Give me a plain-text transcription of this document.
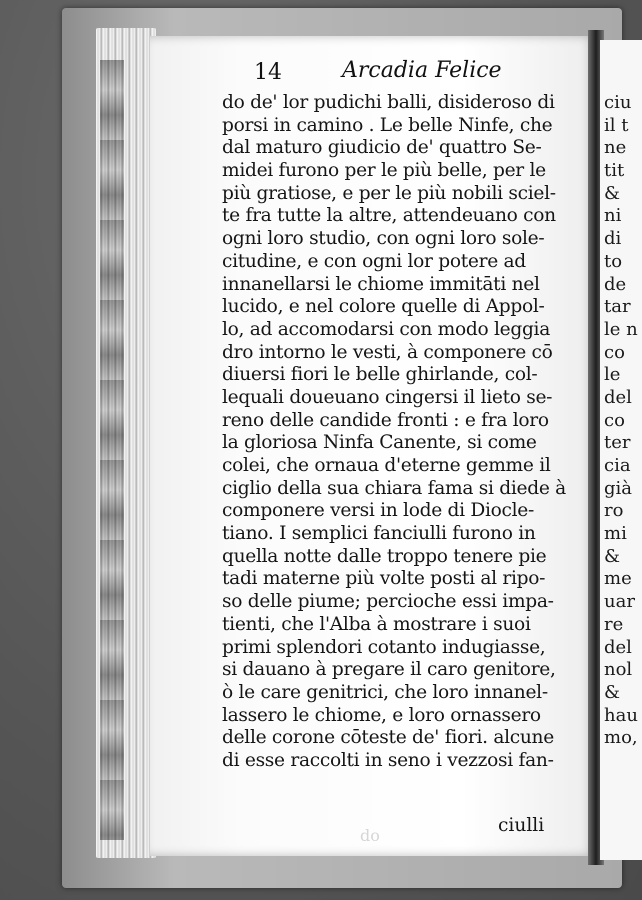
14	Arcadia Felice
do de' lor pudichi balli, disideroso di
porsi in camino . Le belle Ninfe, che
dal maturo giudicio de' quattro Se-
midei furono per le più belle, per le
più gratiose, e per le più nobili sciel-
te fra tutte la altre, attendeuano con
ogni loro studio, con ogni loro sole-
citudine, e con ogni lor potere ad
innanellarsi le chiome immitāti nel
lucido, e nel colore quelle di Appol-
lo, ad accomodarsi con modo leggia
dro intorno le vesti, à componere cō
diuersi fiori le belle ghirlande, col-
lequali doueuano cingersi il lieto se-
reno delle candide fronti : e fra loro
la gloriosa Ninfa Canente, si come
colei, che ornaua d'eterne gemme il
ciglio della sua chiara fama si diede à
componere versi in lode di Diocle-
tiano. I semplici fanciulli furono in
quella notte dalle troppo tenere pie
tadi materne più volte posti al ripo-
so delle piume; percioche essi impa-
tienti, che l'Alba à mostrare i suoi
primi splendori cotanto indugiasse,
si dauano à pregare il caro genitore,
ò le care genitrici, che loro innanel-
lassero le chiome, e loro ornassero
delle corone cōteste de' fiori. alcune
di esse raccolti in seno i vezzosi fan-
ciulli
do
ciu
il t
ne
tit
&
ni
di
to
de
tar
le n
co
le
del
co
ter
cia
già
ro
mi
&
me
uar
re
del
nol
&
hau
mo,
